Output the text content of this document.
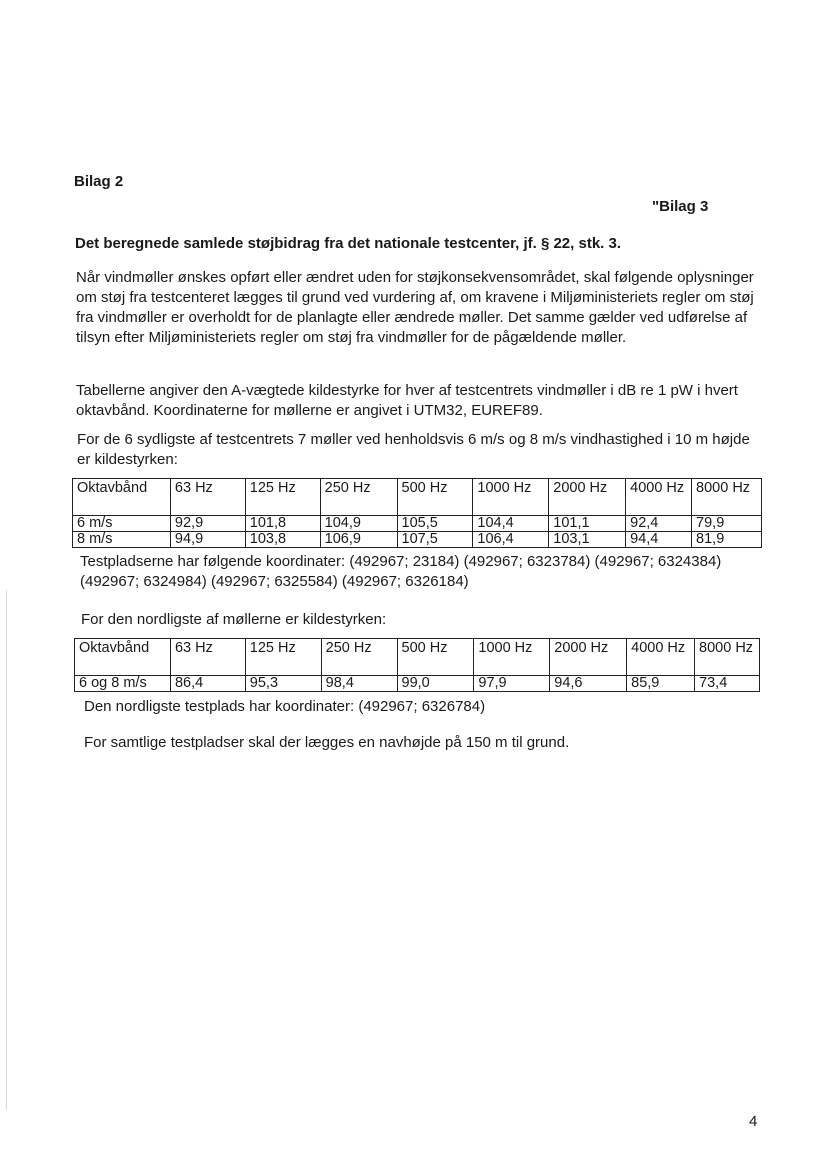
Bilag 2

"Bilag 3

Det beregnede samlede støjbidrag fra det nationale testcenter, jf. § 22, stk. 3.

Når vindmøller ønskes opført eller ændret uden for støjkonsekvensområdet, skal følgende oplysninger om støj fra testcenteret lægges til grund ved vurdering af, om kravene i Miljøministeriets regler om støj fra vindmøller er overholdt for de planlagte eller ændrede møller. Det samme gælder ved udførelse af tilsyn efter Miljøministeriets regler om støj fra vindmøller for de pågældende møller.

Tabellerne angiver den A-vægtede kildestyrke for hver af testcentrets vindmøller i dB re 1 pW i hvert oktavbånd. Koordinaterne for møllerne er angivet i UTM32, EUREF89.

For de 6 sydligste af testcentrets 7 møller ved henholdsvis 6 m/s og 8 m/s vindhastighed i 10 m højde er kildestyrken:

Oktavbånd	63 Hz	125 Hz	250 Hz	500 Hz	1000 Hz	2000 Hz	4000 Hz	8000 Hz
6 m/s	92,9	101,8	104,9	105,5	104,4	101,1	92,4	79,9
8 m/s	94,9	103,8	106,9	107,5	106,4	103,1	94,4	81,9

Testpladserne har følgende koordinater: (492967; 23184) (492967; 6323784) (492967; 6324384) (492967; 6324984) (492967; 6325584) (492967; 6326184)

For den nordligste af møllerne er kildestyrken:

Oktavbånd	63 Hz	125 Hz	250 Hz	500 Hz	1000 Hz	2000 Hz	4000 Hz	8000 Hz
6 og 8 m/s	86,4	95,3	98,4	99,0	97,9	94,6	85,9	73,4

Den nordligste testplads har koordinater: (492967; 6326784)

For samtlige testpladser skal der lægges en navhøjde på 150 m til grund.

4
